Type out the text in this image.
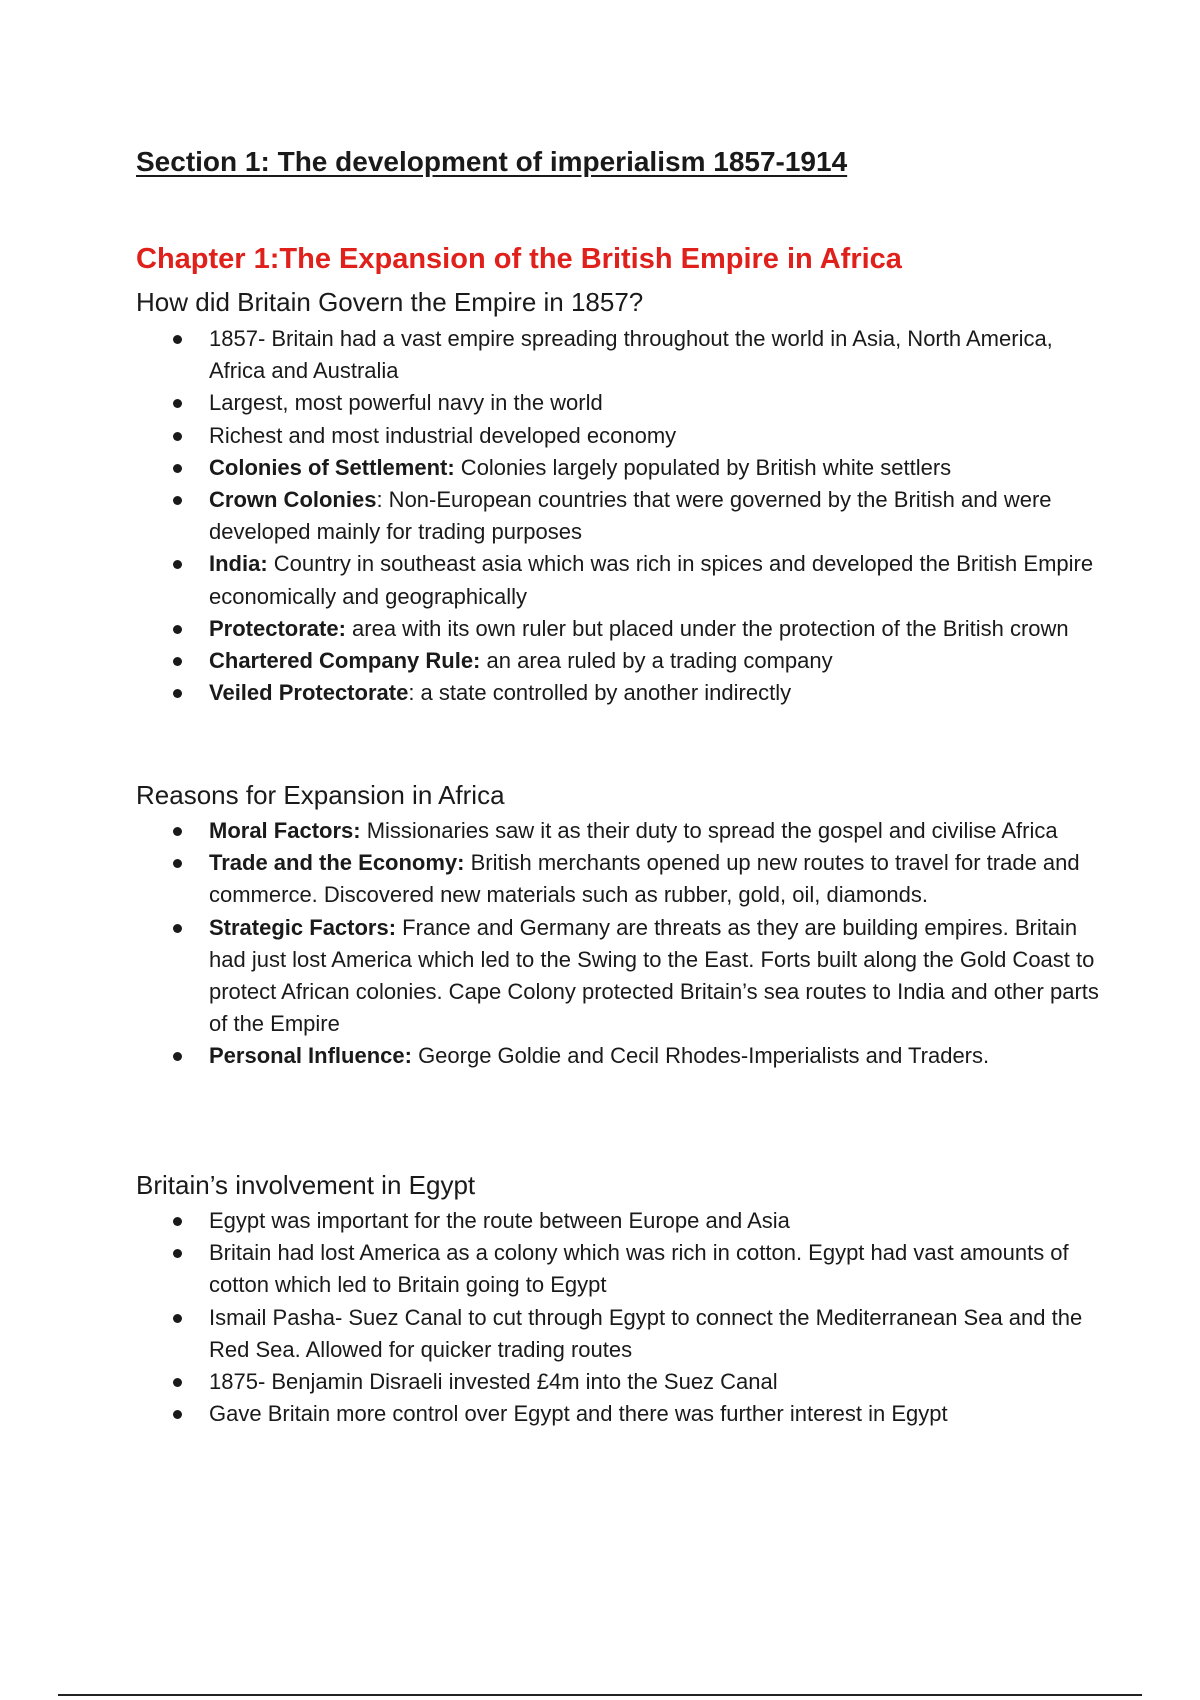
Section 1: The development of imperialism 1857-1914
Chapter 1:The Expansion of the British Empire in Africa
How did Britain Govern the Empire in 1857?
1857- Britain had a vast empire spreading throughout the world in Asia, North America, Africa and Australia
Largest, most powerful navy in the world
Richest and most industrial developed economy
Colonies of Settlement: Colonies largely populated by British white settlers
Crown Colonies: Non-European countries that were governed by the British and were developed mainly for trading purposes
India: Country in southeast asia which was rich in spices and developed the British Empire economically and geographically
Protectorate: area with its own ruler but placed under the protection of the British crown
Chartered Company Rule: an area ruled by a trading company
Veiled Protectorate: a state controlled by another indirectly
Reasons for Expansion in Africa
Moral Factors: Missionaries saw it as their duty to spread the gospel and civilise Africa
Trade and the Economy: British merchants opened up new routes to travel for trade and commerce. Discovered new materials such as rubber, gold, oil, diamonds.
Strategic Factors: France and Germany are threats as they are building empires. Britain had just lost America which led to the Swing to the East. Forts built along the Gold Coast to protect African colonies. Cape Colony protected Britain’s sea routes to India and other parts of the Empire
Personal Influence: George Goldie and Cecil Rhodes-Imperialists and Traders.
Britain’s involvement in Egypt
Egypt was important for the route between Europe and Asia
Britain had lost America as a colony which was rich in cotton. Egypt had vast amounts of cotton which led to Britain going to Egypt
Ismail Pasha- Suez Canal to cut through Egypt to connect the Mediterranean Sea and the Red Sea. Allowed for quicker trading routes
1875- Benjamin Disraeli invested £4m into the Suez Canal
Gave Britain more control over Egypt and there was further interest in Egypt
